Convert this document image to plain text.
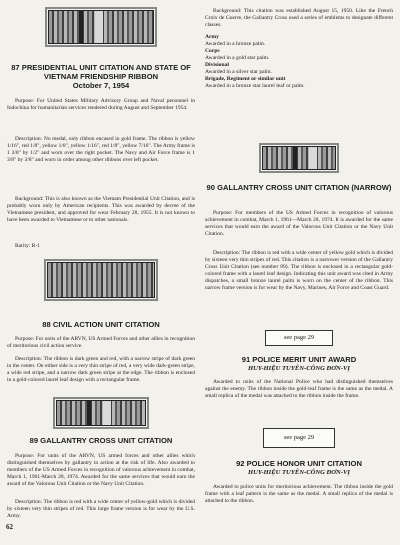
87 PRESIDENTIAL UNIT CITATION AND STATE OF VIETNAM FRIENDSHIP RIBBON
October 7, 1954

Purpose: For United States Military Advisory Group and Naval personnel in Indochina for humanitarian services rendered during August and September 1954.

Description: No medal, only ribbon encased in gold frame. The ribbon is yellow 1/16", red 1/8", yellow 1/8", yellow 1/16", red 1/8", yellow 7/16". The Army frame is 1 3/8" by 1/2" and worn over the right pocket. The Navy and Air Force frame is 1 3/8" by 3/8" and worn in order among other ribbons over left pocket.

Background: This is also known as the Vietnam Presidential Unit Citation, and is probably worn only by American recipients. This was awarded by decree of the Vietnamese president, and approved for wear February 28, 1955. It is not known to have been awarded to Vietnamese or to other nationals.

Rarity: R-1

88 CIVIL ACTION UNIT CITATION

Purpose: For units of the ARVN, US Armed Forces and other allies in recognition of meritorious civil action service.

Description: The ribbon is dark green and red, with a narrow stripe of dark green in the center. On either side is a very thin stripe of red, a very wide dark-green stripe, a wide red stripe, and a narrow dark green stripe at the edge. The ribbon is enclosed in a gold-colored laurel leaf design with a rectangular frame.

89 GALLANTRY CROSS UNIT CITATION

Purpose: For units of the ARVN, US armed forces and other allies which distinguished themselves by gallantry in action at the risk of life. Also awarded to members of the US Armed Forces in recognition of valorous achievement in combat, March 1, 1961-March 28, 1974. Awarded for the same services that would earn the award of the Valorous Unit Citation or the Navy Unit Citation.

Description: The ribbon is red with a wide center of yellow-gold which is divided by sixteen very thin stripes of red. This large frame version is for wear by the U.S. Army.

Background: This citation was established August 15, 1950. Like the French Croix de Guerre, the Gallantry Cross used a series of emblems to designate different classes.

Army
Awarded in a bronze palm.
Corps
Awarded in a gold star palm.
Divisional
Awarded in a silver star palm.
Brigade, Regiment or similar unit
Awarded in a bronze star laurel leaf or palm.
90 GALLANTRY CROSS UNIT CITATION (NARROW)

Purpose: For members of the US Armed Forces in recognition of valorous achievement in combat, March 1, 1961—March 28, 1974. It is awarded for the same services that would earn the award of the Valorous Unit Citation or the Navy Unit Citation.

Description: The ribbon is red with a wide center of yellow gold which is divided by sixteen very thin stripes of red. This citation is a narrower version of the Gallantry Cross Unit Citation (see number 89). The ribbon is enclosed in a rectangular gold-colored frame with a laurel leaf design. Indicating this unit award was cited in Army dispatches, a small bronze laurel palm is worn on the center of the ribbon. This narrow frame version is for wear by the Navy, Marines, Air Force and Coast Guard.

see page 29
91 POLICE MERIT UNIT AWARD
HUY-HIỆU TUYÊN-CÔNG ĐƠN-VỊ

Awarded to units of the National Police who had distinguished themselves against the enemy. The ribbon inside the gold-leaf frame is the same as the medal. A small replica of the medal was attached to the ribbon inside the frame.

see page 29
92 POLICE HONOR UNIT CITATION
HUY-HIỆU TUYÊN-CÔNG ĐƠN-VỊ

Awarded to police units for meritorious achievement. The ribbon inside the gold frame with a leaf pattern is the same as the medal. A small replica of the medal is attached to the ribbon.

62
